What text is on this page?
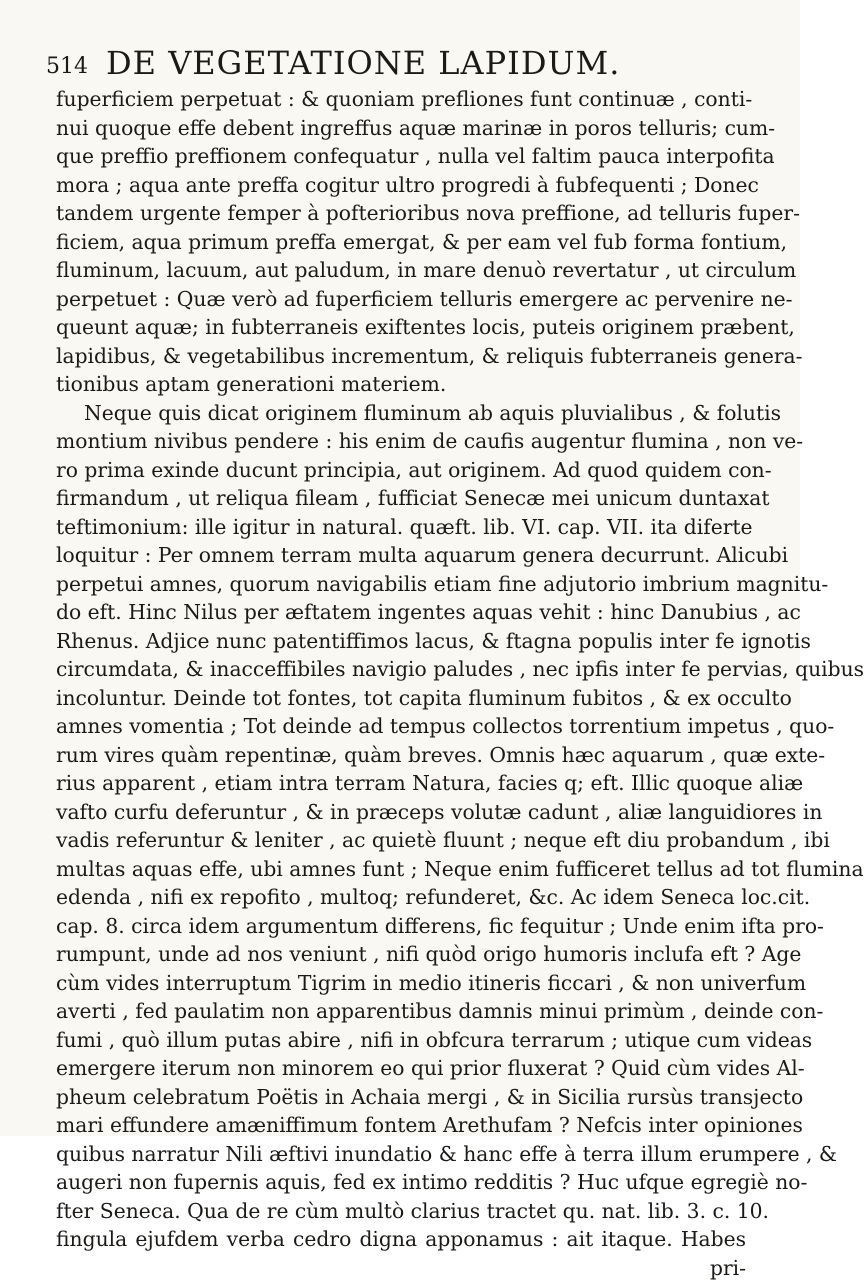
514 DE VEGETATIONE LAPIDUM.
fuperficiem perpetuat : & quoniam prefliones funt continuæ , conti-
nui quoque effe debent ingreffus aquæ marinæ in poros telluris; cum-
que preffio preffionem confequatur , nulla vel faltim pauca interpofita
mora ; aqua ante preffa cogitur ultro progredi à fubfequenti ; Donec
tandem urgente femper à pofterioribus nova preffione, ad telluris fuper-
ficiem, aqua primum preffa emergat, & per eam vel fub forma fontium,
fluminum, lacuum, aut paludum, in mare denuò revertatur , ut circulum
perpetuet : Quæ verò ad fuperficiem telluris emergere ac pervenire ne-
queunt aquæ; in fubterraneis exiftentes locis, puteis originem præbent,
lapidibus, & vegetabilibus incrementum, & reliquis fubterraneis genera-
tionibus aptam generationi materiem.
Neque quis dicat originem fluminum ab aquis pluvialibus , & folutis
montium nivibus pendere : his enim de caufis augentur flumina , non ve-
ro prima exinde ducunt principia, aut originem. Ad quod quidem con-
firmandum , ut reliqua fileam , fufficiat Senecæ mei unicum duntaxat
teftimonium: ille igitur in natural. quæft. lib. VI. cap. VII. ita diferte
loquitur : Per omnem terram multa aquarum genera decurrunt. Alicubi
perpetui amnes, quorum navigabilis etiam fine adjutorio imbrium magnitu-
do eft. Hinc Nilus per æftatem ingentes aquas vehit : hinc Danubius , ac
Rhenus. Adjice nunc patentiffimos lacus, & ftagna populis inter fe ignotis
circumdata, & inacceffibiles navigio paludes , nec ipfis inter fe pervias, quibus
incoluntur. Deinde tot fontes, tot capita fluminum fubitos , & ex occulto
amnes vomentia ; Tot deinde ad tempus collectos torrentium impetus , quo-
rum vires quàm repentinæ, quàm breves. Omnis hæc aquarum , quæ exte-
rius apparent , etiam intra terram Natura, facies q; eft. Illic quoque aliæ
vafto curfu deferuntur , & in præceps volutæ cadunt , aliæ languidiores in
vadis referuntur & leniter , ac quietè fluunt ; neque eft diu probandum , ibi
multas aquas effe, ubi amnes funt ; Neque enim fufficeret tellus ad tot flumina
edenda , nifi ex repofito , multoq; refunderet, &c. Ac idem Seneca loc.cit.
cap. 8. circa idem argumentum differens, fic fequitur ; Unde enim ifta pro-
rumpunt, unde ad nos veniunt , nifi quòd origo humoris inclufa eft ? Age
cùm vides interruptum Tigrim in medio itineris ficcari , & non univerfum
averti , fed paulatim non apparentibus damnis minui primùm , deinde con-
fumi , quò illum putas abire , nifi in obfcura terrarum ; utique cum videas
emergere iterum non minorem eo qui prior fluxerat ? Quid cùm vides Al-
pheum celebratum Poëtis in Achaia mergi , & in Sicilia rursùs transjecto
mari effundere amæniffimum fontem Arethufam ? Nefcis inter opiniones
quibus narratur Nili æftivi inundatio & hanc effe à terra illum erumpere , &
augeri non fupernis aquis, fed ex intimo redditis ? Huc ufque egregiè no-
fter Seneca. Qua de re cùm multò clarius tractet qu. nat. lib. 3. c. 10.
fingula ejufdem verba cedro digna apponamus : ait itaque. Habes
pri-
